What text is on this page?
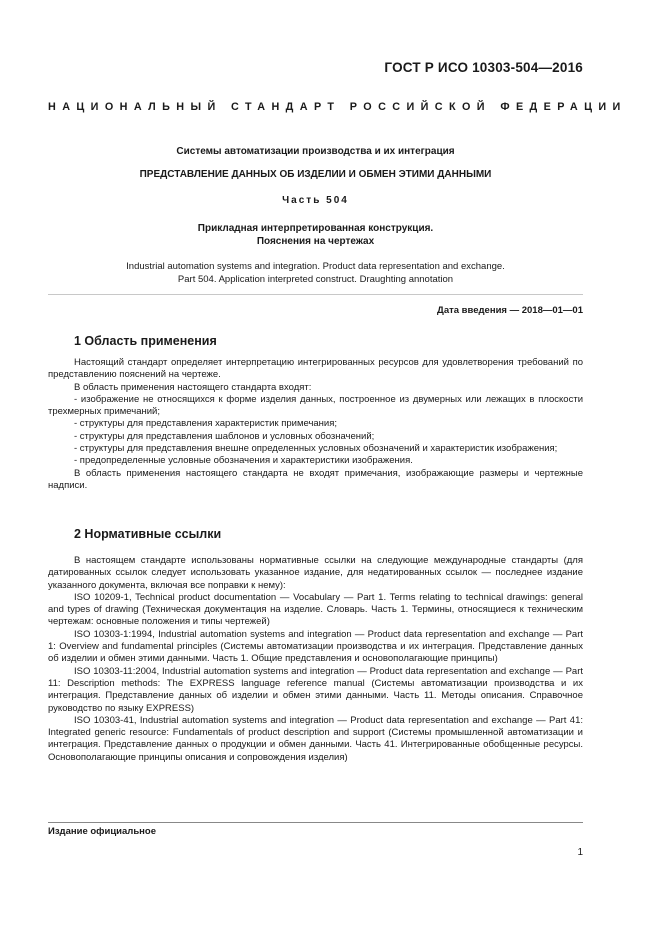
ГОСТ Р ИСО 10303-504—2016
НАЦИОНАЛЬНЫЙ СТАНДАРТ РОССИЙСКОЙ ФЕДЕРАЦИИ
Системы автоматизации производства и их интеграция
ПРЕДСТАВЛЕНИЕ ДАННЫХ ОБ ИЗДЕЛИИ И ОБМЕН ЭТИМИ ДАННЫМИ
Часть 504
Прикладная интерпретированная конструкция.
Пояснения на чертежах
Industrial automation systems and integration. Product data representation and exchange.
Part 504. Application interpreted construct. Draughting annotation
Дата введения — 2018—01—01
1 Область применения

Настоящий стандарт определяет интерпретацию интегрированных ресурсов для удовлетворения требований по представлению пояснений на чертеже.

В область применения настоящего стандарта входят:

- изображение не относящихся к форме изделия данных, построенное из двумерных или лежащих в плоскости трехмерных примечаний;

- структуры для представления характеристик примечания;

- структуры для представления шаблонов и условных обозначений;

- структуры для представления внешне определенных условных обозначений и характеристик изображения;

- предопределенные условные обозначения и характеристики изображения.

В область применения настоящего стандарта не входят примечания, изображающие размеры и чертежные надписи.

2 Нормативные ссылки

В настоящем стандарте использованы нормативные ссылки на следующие международные стандарты (для датированных ссылок следует использовать указанное издание, для недатированных ссылок — последнее издание указанного документа, включая все поправки к нему):

ISO 10209-1, Technical product documentation — Vocabulary — Part 1. Terms relating to technical drawings: general and types of drawing (Техническая документация на изделие. Словарь. Часть 1. Термины, относящиеся к техническим чертежам: основные положения и типы чертежей)

ISO 10303-1:1994, Industrial automation systems and integration — Product data representation and exchange — Part 1: Overview and fundamental principles (Системы автоматизации производства и их интеграция. Представление данных об изделии и обмен этими данными. Часть 1. Общие представления и основополагающие принципы)

ISO 10303-11:2004, Industrial automation systems and integration — Product data representation and exchange — Part 11: Description methods: The EXPRESS language reference manual (Системы автоматизации производства и их интеграция. Представление данных об изделии и обмен этими данными. Часть 11. Методы описания. Справочное руководство по языку EXPRESS)

ISO 10303-41, Industrial automation systems and integration — Product data representation and exchange — Part 41: Integrated generic resource: Fundamentals of product description and support (Системы промышленной автоматизации и интеграция. Представление данных о продукции и обмен данными. Часть 41. Интегрированные обобщенные ресурсы. Основополагающие принципы описания и сопровождения изделия)

Издание официальное
1
